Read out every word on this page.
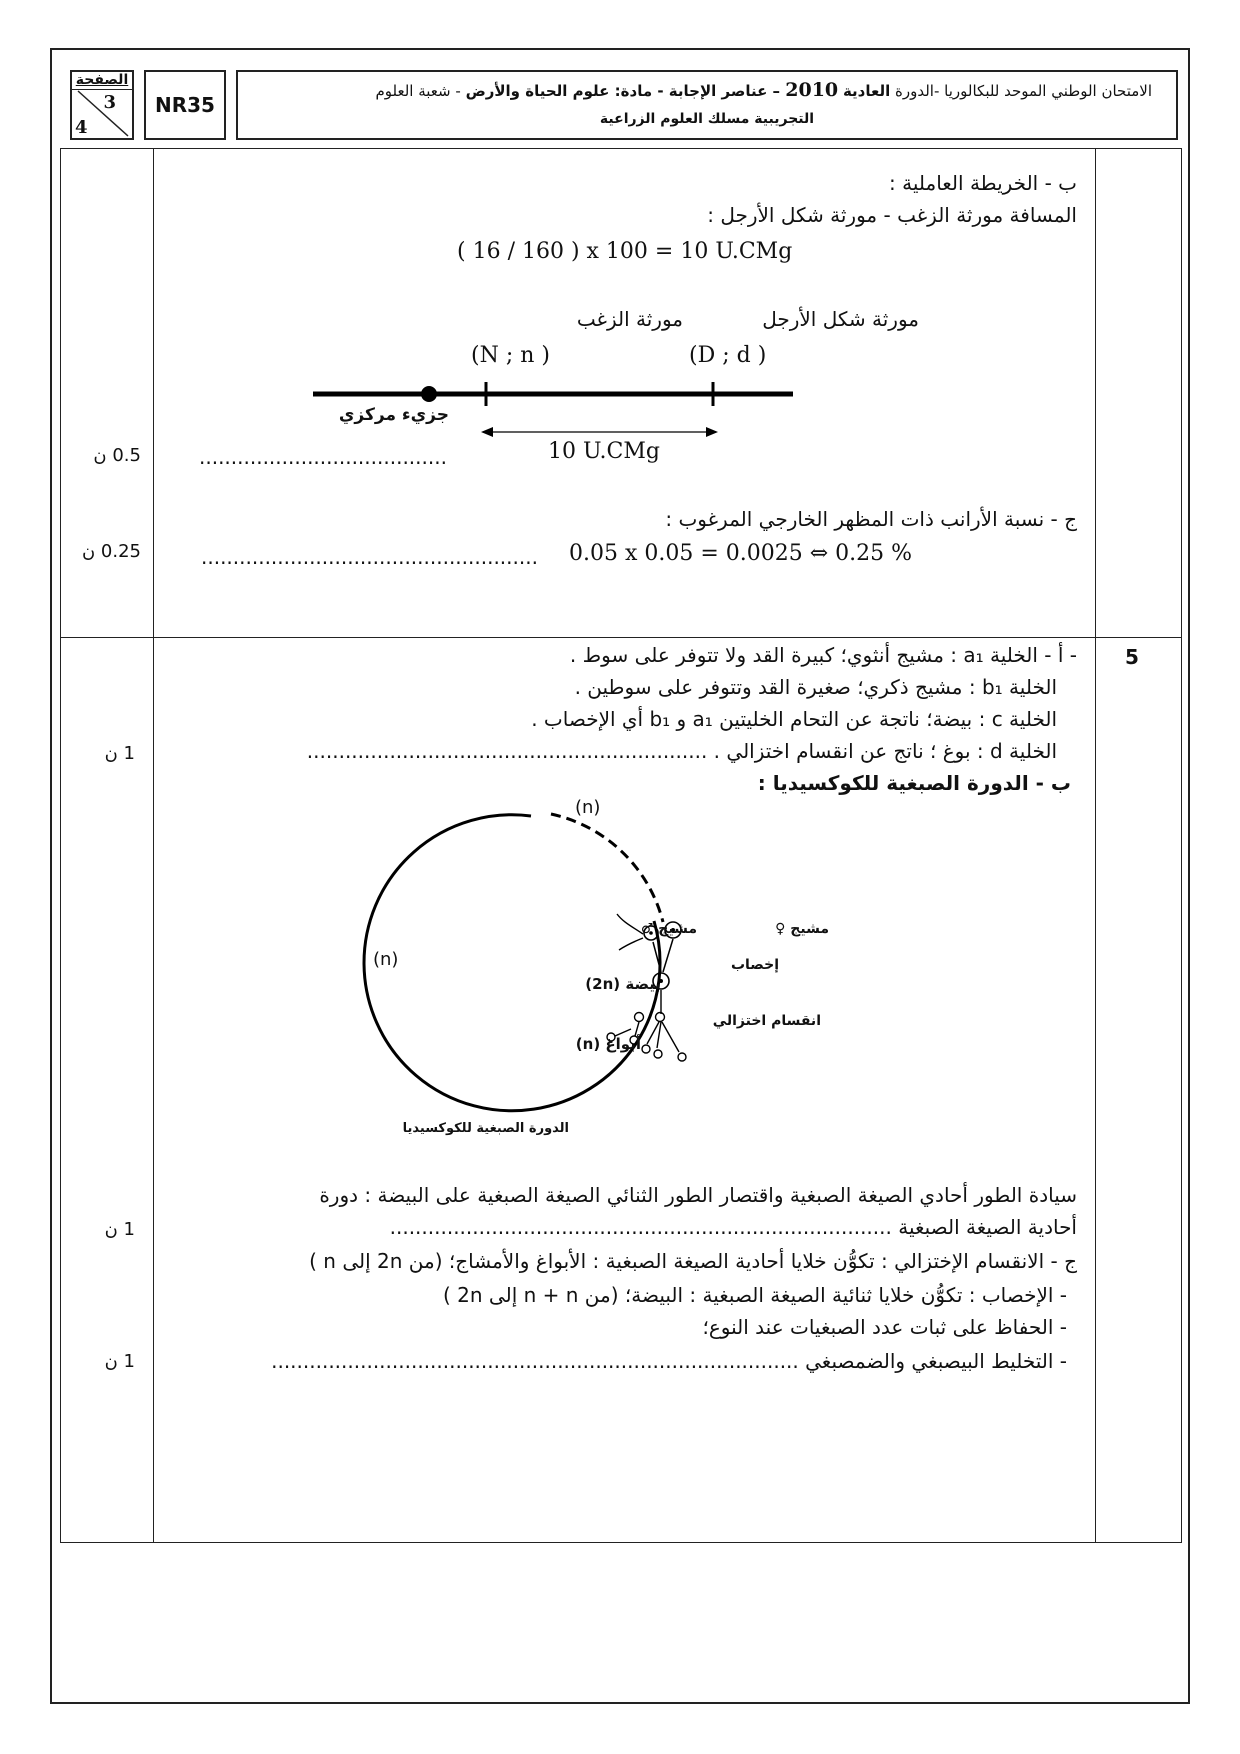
الصفحة
3
4
NR35
الامتحان الوطني الموحد للبكالوريا -الدورة العادية 2010 – عناصر الإجابة - مادة: علوم الحياة والأرض - شعبة العلوم
التجريبية مسلك العلوم الزراعية
ب - الخريطة العاملية :
المسافة مورثة الزغب - مورثة شكل الأرجل :
( 16 / 160 ) x 100 = 10 U.CMg
مورثة الزغب	مورثة شكل الأرجل
(N ; n )	(D ; d )
جزيء مركزي
.......................................	10 U.CMg
0.5 ن
ج - نسبة الأرانب ذات المظهر الخارجي المرغوب :
..................................................... 0.05 x 0.05 = 0.0025 ⇔ 0.25 %
0.25 ن
5
- أ - الخلية a₁ : مشيج أنثوي؛ كبيرة القد ولا تتوفر على سوط .
الخلية b₁ : مشيج ذكري؛ صغيرة القد وتتوفر على سوطين .
الخلية c : بيضة؛ ناتجة عن التحام الخليتين a₁ و b₁ أي الإخصاب .
الخلية d : بوغ ؛ ناتج عن انقسام اختزالي . ...............................................................
1 ن
ب - الدورة الصبغية للكوكسيديا :
(n)
(n)
مشيج ♂	مشيج ♀
إخصاب
بيضة (2n)
انقسام اختزالي
أبواغ (n)
الدورة الصبغية للكوكسيديا
سيادة الطور أحادي الصيغة الصبغية واقتصار الطور الثنائي الصيغة الصبغية على البيضة : دورة
أحادية الصيغة الصبغية ...............................................................................
1 ن
ج - الانقسام الإختزالي : تكوُّن خلايا أحادية الصيغة الصبغية : الأبواغ والأمشاج؛ (من 2n إلى n )
- الإخصاب : تكوُّن خلايا ثنائية الصيغة الصبغية : البيضة؛ (من n + n إلى 2n )
- الحفاظ على ثبات عدد الصبغيات عند النوع؛
- التخليط البيصبغي والضمصبغي ...................................................................................
1 ن
